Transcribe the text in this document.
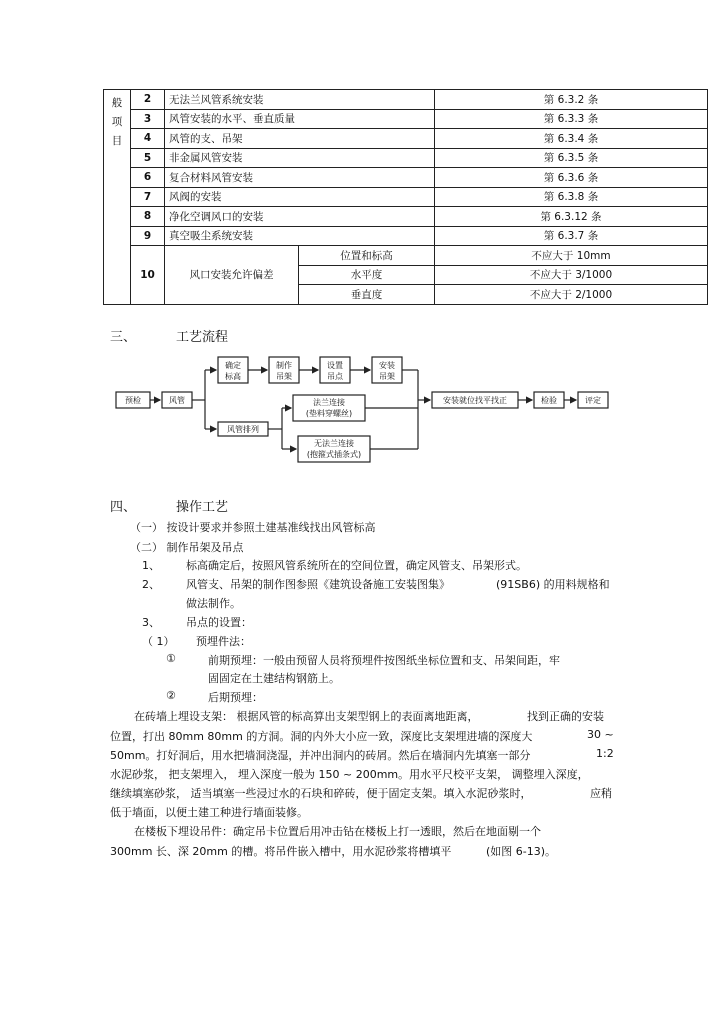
般
项
目	2	无法兰风管系统安装		第 6.3.2 条
	3	风管安装的水平、垂直质量		第 6.3.3 条
	4	风管的支、吊架		第 6.3.4 条
	5	非金属风管安装		第 6.3.5 条
	6	复合材料风管安装		第 6.3.6 条
	7	风阀的安装		第 6.3.8 条
	8	净化空调风口的安装		第 6.3.12 条
	9	真空吸尘系统安装		第 6.3.7 条
	10	风口安装允许偏差	位置和标高	不应大于 10mm
			水平度	不应大于 3/1000
			垂直度	不应大于 2/1000
三、	工艺流程
预检	风管
确定
标高
制作
吊架
设置
吊点
安装
吊架
风管排列
法兰连接
(垫料穿螺丝)
无法兰连接
(抱箍式插条式)
安装就位找平找正	检验	评定
四、	操作工艺
（一） 按设计要求并参照土建基准线找出风管标高
（二） 制作吊架及吊点
1、 标高确定后，按照风管系统所在的空间位置，确定风管支、吊架形式。
2、 风管支、吊架的制作图参照《建筑设备施工安装图集》	(91SB6) 的用料规格和
做法制作。
3、 吊点的设置：
（ 1） 预埋件法：
①	前期预埋：一般由预留人员将预埋件按图纸坐标位置和支、吊架间距，牢
固固定在土建结构钢筋上。
②	后期预埋：
在砖墙上埋设支架： 根据风管的标高算出支架型钢上的表面离地距离，	找到正确的安装
位置，打出 80mm 80mm 的方洞。洞的内外大小应一致，深度比支架埋进墙的深度大	30 ~
50mm。打好洞后，用水把墙洞浇湿，并冲出洞内的砖屑。然后在墙洞内先填塞一部分	1:2
水泥砂浆， 把支架埋入， 埋入深度一般为 150 ~ 200mm。用水平尺校平支架， 调整埋入深度，
继续填塞砂浆， 适当填塞一些浸过水的石块和碎砖，便于固定支架。填入水泥砂浆时，	应稍
低于墙面，以便土建工种进行墙面装修。
在楼板下埋设吊件：确定吊卡位置后用冲击钻在楼板上打一透眼，然后在地面剔一个
300mm 长、深 20mm 的槽。将吊件嵌入槽中，用水泥砂浆将槽填平	(如图 6-13)。
